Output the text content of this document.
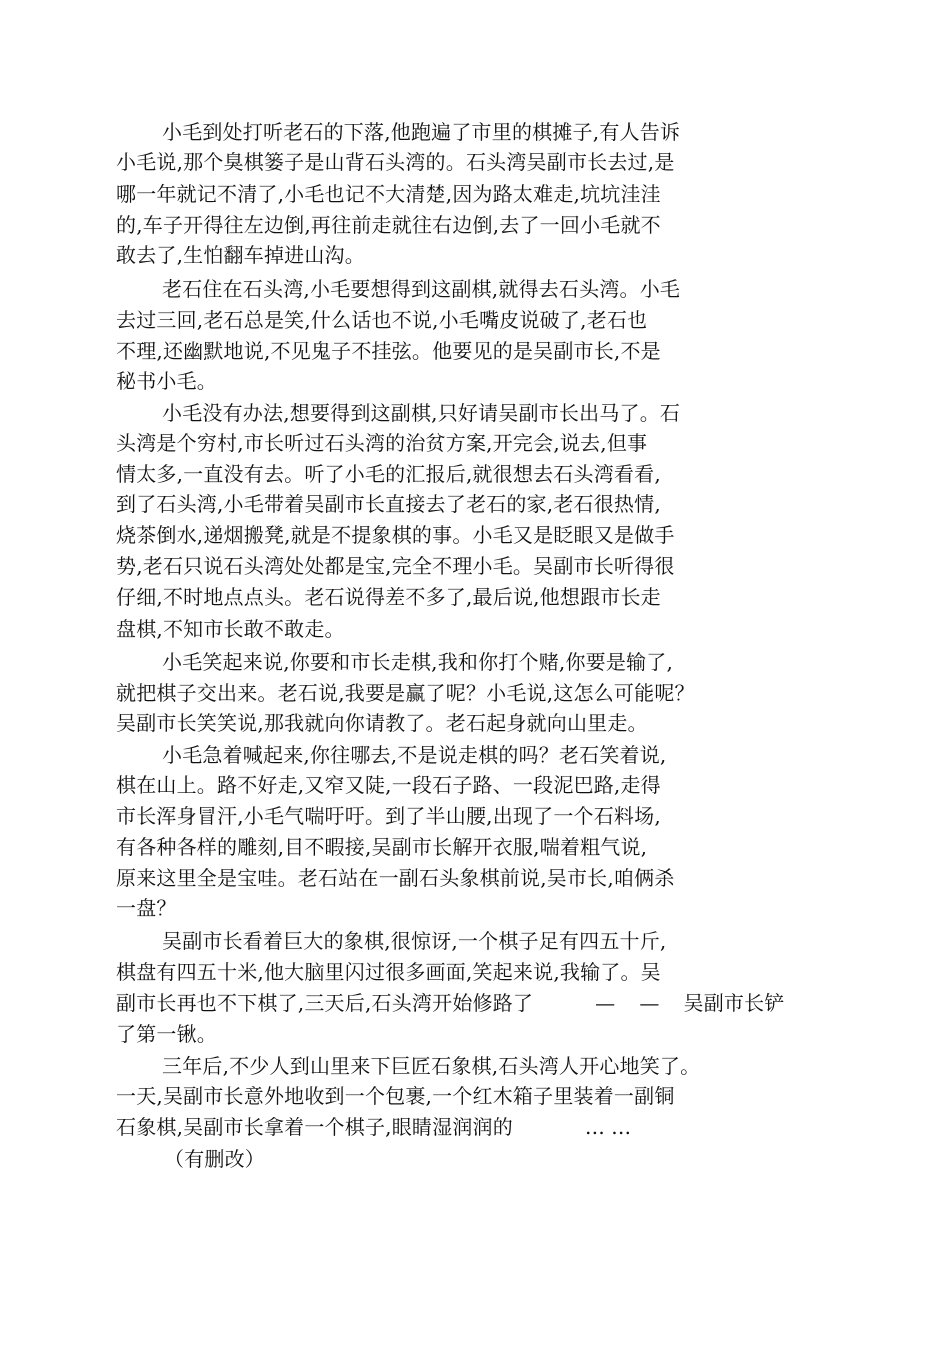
小毛到处打听老石的下落,他跑遍了市里的棋摊子,有人告诉
小毛说,那个臭棋篓子是山背石头湾的。石头湾吴副市长去过,是
哪一年就记不清了,小毛也记不大清楚,因为路太难走,坑坑洼洼
的,车子开得往左边倒,再往前走就往右边倒,去了一回小毛就不
敢去了,生怕翻车掉进山沟。
老石住在石头湾,小毛要想得到这副棋,就得去石头湾。小毛
去过三回,老石总是笑,什么话也不说,小毛嘴皮说破了,老石也
不理,还幽默地说,不见鬼子不挂弦。他要见的是吴副市长,不是
秘书小毛。
小毛没有办法,想要得到这副棋,只好请吴副市长出马了。石
头湾是个穷村,市长听过石头湾的治贫方案,开完会,说去,但事
情太多,一直没有去。听了小毛的汇报后,就很想去石头湾看看,
到了石头湾,小毛带着吴副市长直接去了老石的家,老石很热情,
烧茶倒水,递烟搬凳,就是不提象棋的事。小毛又是眨眼又是做手
势,老石只说石头湾处处都是宝,完全不理小毛。吴副市长听得很
仔细,不时地点点头。老石说得差不多了,最后说,他想跟市长走
盘棋,不知市长敢不敢走。
小毛笑起来说,你要和市长走棋,我和你打个赌,你要是输了,
就把棋子交出来。老石说,我要是赢了呢？小毛说,这怎么可能呢？
吴副市长笑笑说,那我就向你请教了。老石起身就向山里走。
小毛急着喊起来,你往哪去,不是说走棋的吗？老石笑着说,
棋在山上。路不好走,又窄又陡,一段石子路、一段泥巴路,走得
市长浑身冒汗,小毛气喘吁吁。到了半山腰,出现了一个石料场,
有各种各样的雕刻,目不暇接,吴副市长解开衣服,喘着粗气说,
原来这里全是宝哇。老石站在一副石头象棋前说,吴市长,咱俩杀
一盘？
吴副市长看着巨大的象棋,很惊讶,一个棋子足有四五十斤,
棋盘有四五十米,他大脑里闪过很多画面,笑起来说,我输了。吴
副市长再也不下棋了,三天后,石头湾开始修路了	— — 吴副市长铲
了第一锹。
三年后,不少人到山里来下巨匠石象棋,石头湾人开心地笑了。
一天,吴副市长意外地收到一个包裹,一个红木箱子里装着一副铜
石象棋,吴副市长拿着一个棋子,眼睛湿润润的	… …
（有删改）
